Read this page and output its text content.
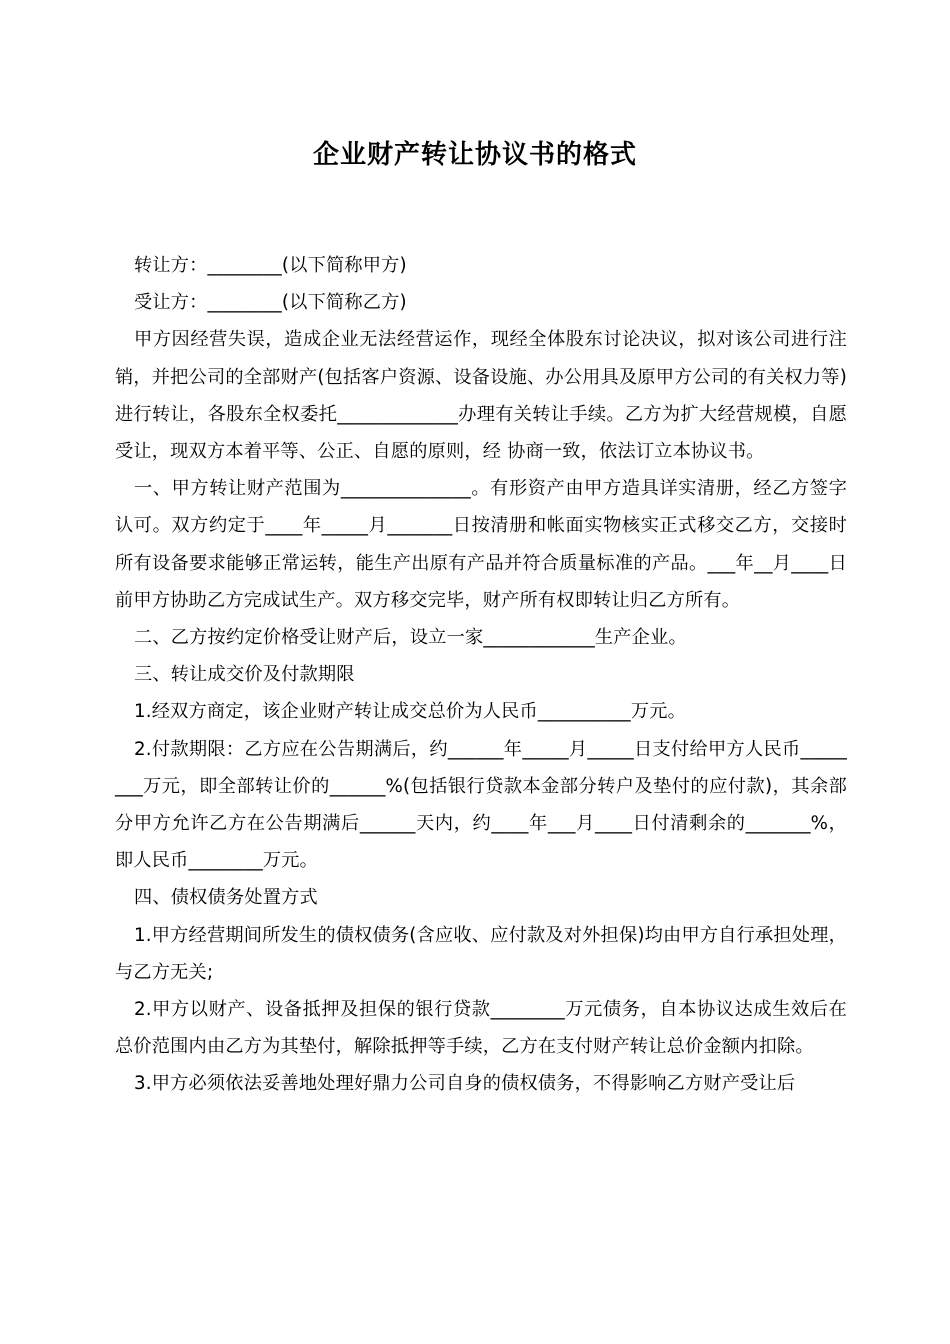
企业财产转让协议书的格式

转让方：________(以下简称甲方)

受让方：________(以下简称乙方)

甲方因经营失误，造成企业无法经营运作，现经全体股东讨论决议，拟对该公司进行注销，并把公司的全部财产(包括客户资源、设备设施、办公用具及原甲方公司的有关权力等)进行转让，各股东全权委托_____________办理有关转让手续。乙方为扩大经营规模，自愿受让，现双方本着平等、公正、自愿的原则，经 协商一致，依法订立本协议书。

一、甲方转让财产范围为______________。有形资产由甲方造具详实清册，经乙方签字认可。双方约定于____年_____月_______日按清册和帐面实物核实正式移交乙方，交接时所有设备要求能够正常运转，能生产出原有产品并符合质量标准的产品。___年__月____日前甲方协助乙方完成试生产。双方移交完毕，财产所有权即转让归乙方所有。

二、乙方按约定价格受让财产后，设立一家____________生产企业。

三、转让成交价及付款期限

1.经双方商定，该企业财产转让成交总价为人民币__________万元。

2.付款期限：乙方应在公告期满后，约______年_____月_____日支付给甲方人民币________万元，即全部转让价的______%(包括银行贷款本金部分转户及垫付的应付款)，其余部分甲方允许乙方在公告期满后______天内，约____年___月____日付清剩余的_______%，即人民币________万元。

四、债权债务处置方式

1.甲方经营期间所发生的债权债务(含应收、应付款及对外担保)均由甲方自行承担处理，与乙方无关;

2.甲方以财产、设备抵押及担保的银行贷款________万元债务，自本协议达成生效后在总价范围内由乙方为其垫付，解除抵押等手续，乙方在支付财产转让总价金额内扣除。

3.甲方必须依法妥善地处理好鼎力公司自身的债权债务，不得影响乙方财产受让后
